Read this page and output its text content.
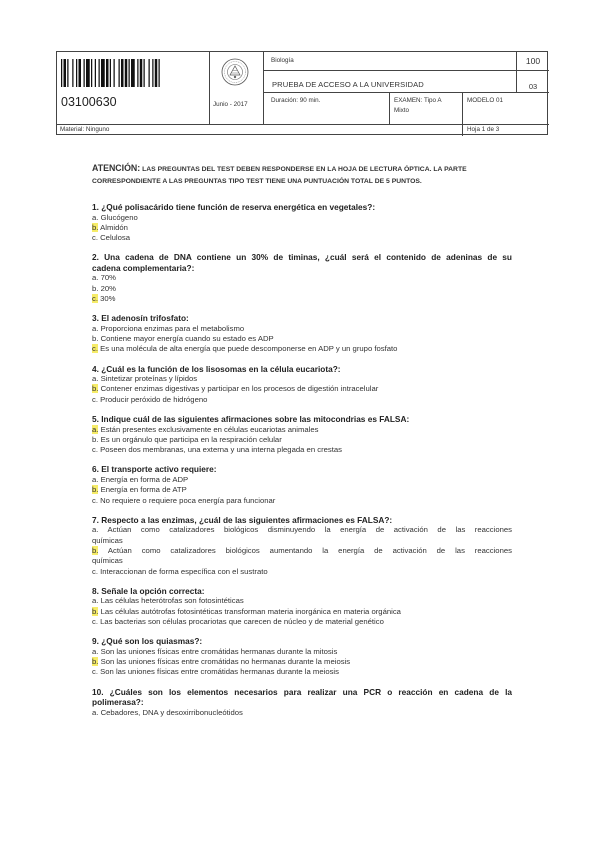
03100630	Junio - 2017
Biología	100
PRUEBA DE ACCESO A LA UNIVERSIDAD	03
Duración: 90 min.	EXAMEN: Tipo A
Mixto
MODELO 01
Material: Ninguno	Hoja 1 de 3
ATENCIÓN: LAS PREGUNTAS DEL TEST DEBEN RESPONDERSE EN LA HOJA DE LECTURA ÓPTICA. LA PARTE
CORRESPONDIENTE A LAS PREGUNTAS TIPO TEST TIENE UNA PUNTUACIÓN TOTAL DE 5 PUNTOS.
1. ¿Qué polisacárido tiene función de reserva energética en vegetales?:
a. Glucógeno
b. Almidón
c. Celulosa
2. Una cadena de DNA contiene un 30% de timinas, ¿cuál será el contenido de adeninas de su
cadena complementaria?:
a. 70%
b. 20%
c. 30%
3. El adenosín trifosfato:
a. Proporciona enzimas para el metabolismo
b. Contiene mayor energía cuando su estado es ADP
c. Es una molécula de alta energía que puede descomponerse en ADP y un grupo fosfato
4. ¿Cuál es la función de los lisosomas en la célula eucariota?:
a. Sintetizar proteínas y lípidos
b. Contener enzimas digestivas y participar en los procesos de digestión intracelular
c. Producir peróxido de hidrógeno
5. Indique cuál de las siguientes afirmaciones sobre las mitocondrias es FALSA:
a. Están presentes exclusivamente en células eucariotas animales
b. Es un orgánulo que participa en la respiración celular
c. Poseen dos membranas, una externa y una interna plegada en crestas
6. El transporte activo requiere:
a. Energía en forma de ADP
b. Energía en forma de ATP
c. No requiere o requiere poca energía para funcionar
7. Respecto a las enzimas, ¿cuál de las siguientes afirmaciones es FALSA?:
a. Actúan como catalizadores biológicos disminuyendo la energía de activación de las reacciones
químicas
b. Actúan como catalizadores biológicos aumentando la energía de activación de las reacciones
químicas
c. Interaccionan de forma específica con el sustrato
8. Señale la opción correcta:
a. Las células heterótrofas son fotosintéticas
b. Las células autótrofas fotosintéticas transforman materia inorgánica en materia orgánica
c. Las bacterias son células procariotas que carecen de núcleo y de material genético
9. ¿Qué son los quiasmas?:
a. Son las uniones físicas entre cromátidas hermanas durante la mitosis
b. Son las uniones físicas entre cromátidas no hermanas durante la meiosis
c. Son las uniones físicas entre cromátidas hermanas durante la meiosis
10. ¿Cuáles son los elementos necesarios para realizar una PCR o reacción en cadena de la
polimerasa?:
a. Cebadores, DNA y desoxirribonucleótidos
